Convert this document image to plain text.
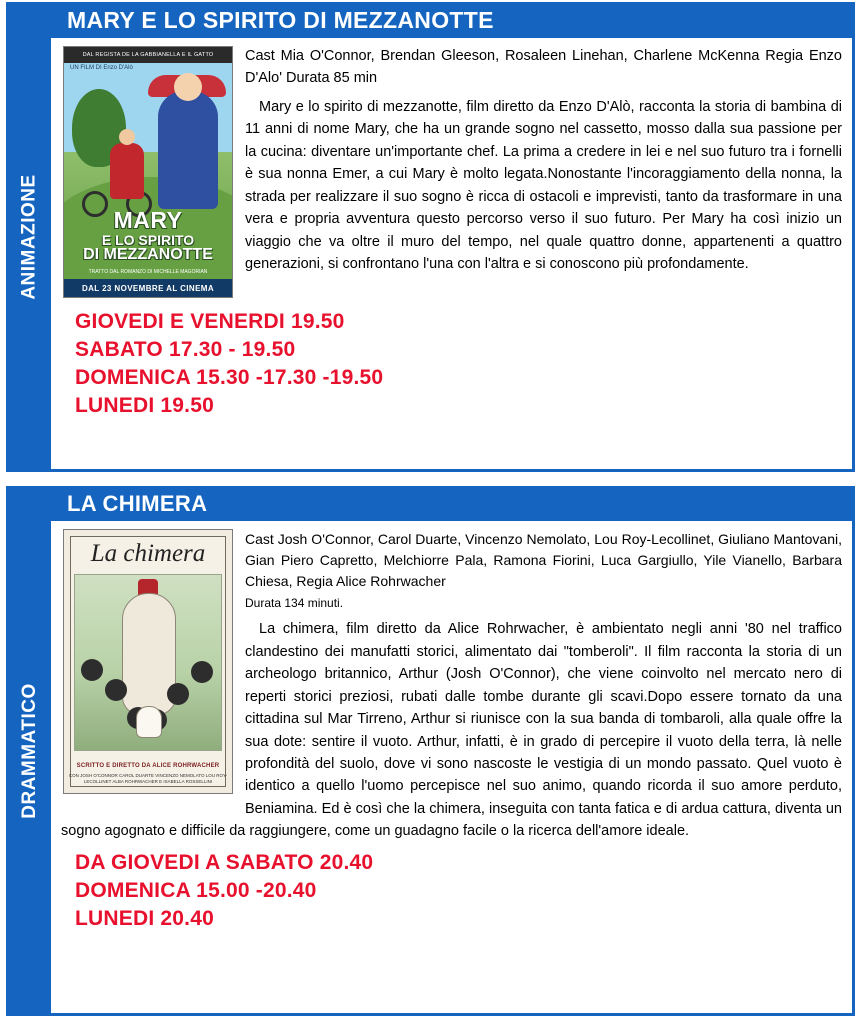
ANIMAZIONE
MARY E LO SPIRITO DI MEZZANOTTE
DAL REGISTA DE LA GABBIANELLA E IL GATTO
UN FILM DI Enzo D'Alò
MARY
E LO SPIRITO
DI MEZZANOTTE
TRATTO DAL ROMANZO DI MICHELLE MAGORIAN
DAL 23 NOVEMBRE AL CINEMA

Cast Mia O'Connor, Brendan Gleeson, Rosaleen Linehan, Charlene McKenna Regia Enzo D'Alo' Durata 85 min

Mary e lo spirito di mezzanotte, film diretto da Enzo D'Alò, racconta la storia di bambina di 11 anni di nome Mary, che ha un grande sogno nel cassetto, mosso dalla sua passione per la cucina: diventare un'importante chef. La prima a credere in lei e nel suo futuro tra i fornelli è sua nonna Emer, a cui Mary è molto legata.Nonostante l'incoraggiamento della nonna, la strada per realizzare il suo sogno è ricca di ostacoli e imprevisti, tanto da trasformare in una vera e propria avventura questo percorso verso il suo futuro. Per Mary ha così inizio un viaggio che va oltre il muro del tempo, nel quale quattro donne, appartenenti a quattro generazioni, si confrontano l'una con l'altra e si conoscono più profondamente.

GIOVEDI E VENERDI 19.50
SABATO 17.30 - 19.50
DOMENICA 15.30 -17.30 -19.50
LUNEDI 19.50
DRAMMATICO
LA CHIMERA
La chimera
SCRITTO E DIRETTO DA ALICE ROHRWACHER
CON JOSH O'CONNOR CAROL DUARTE VINCENZO NEMOLATO LOU ROY-LECOLLINET ALBA ROHRWACHER E ISABELLA ROSSELLINI

Cast Josh O'Connor, Carol Duarte, Vincenzo Nemolato, Lou Roy-Lecollinet, Giuliano Mantovani, Gian Piero Capretto, Melchiorre Pala, Ramona Fiorini, Luca Gargiullo, Yile Vianello, Barbara Chiesa, Regia Alice Rohrwacher

Durata 134 minuti.

La chimera, film diretto da Alice Rohrwacher, è ambientato negli anni '80 nel traffico clandestino dei manufatti storici, alimentato dai "tomberoli". Il film racconta la storia di un archeologo britannico, Arthur (Josh O'Connor), che viene coinvolto nel mercato nero di reperti storici preziosi, rubati dalle tombe durante gli scavi.Dopo essere tornato da una cittadina sul Mar Tirreno, Arthur si riunisce con la sua banda di tombaroli, alla quale offre la sua dote: sentire il vuoto. Arthur, infatti, è in grado di percepire il vuoto della terra, là nelle profondità del suolo, dove vi sono nascoste le vestigia di un mondo passato. Quel vuoto è identico a quello l'uomo percepisce nel suo animo, quando ricorda il suo amore perduto, Beniamina. Ed è così che la chimera, inseguita con tanta fatica e di ardua cattura, diventa un sogno agognato e difficile da raggiungere, come un guadagno facile o la ricerca dell'amore ideale.

DA GIOVEDI A SABATO 20.40
DOMENICA 15.00 -20.40
LUNEDI 20.40
